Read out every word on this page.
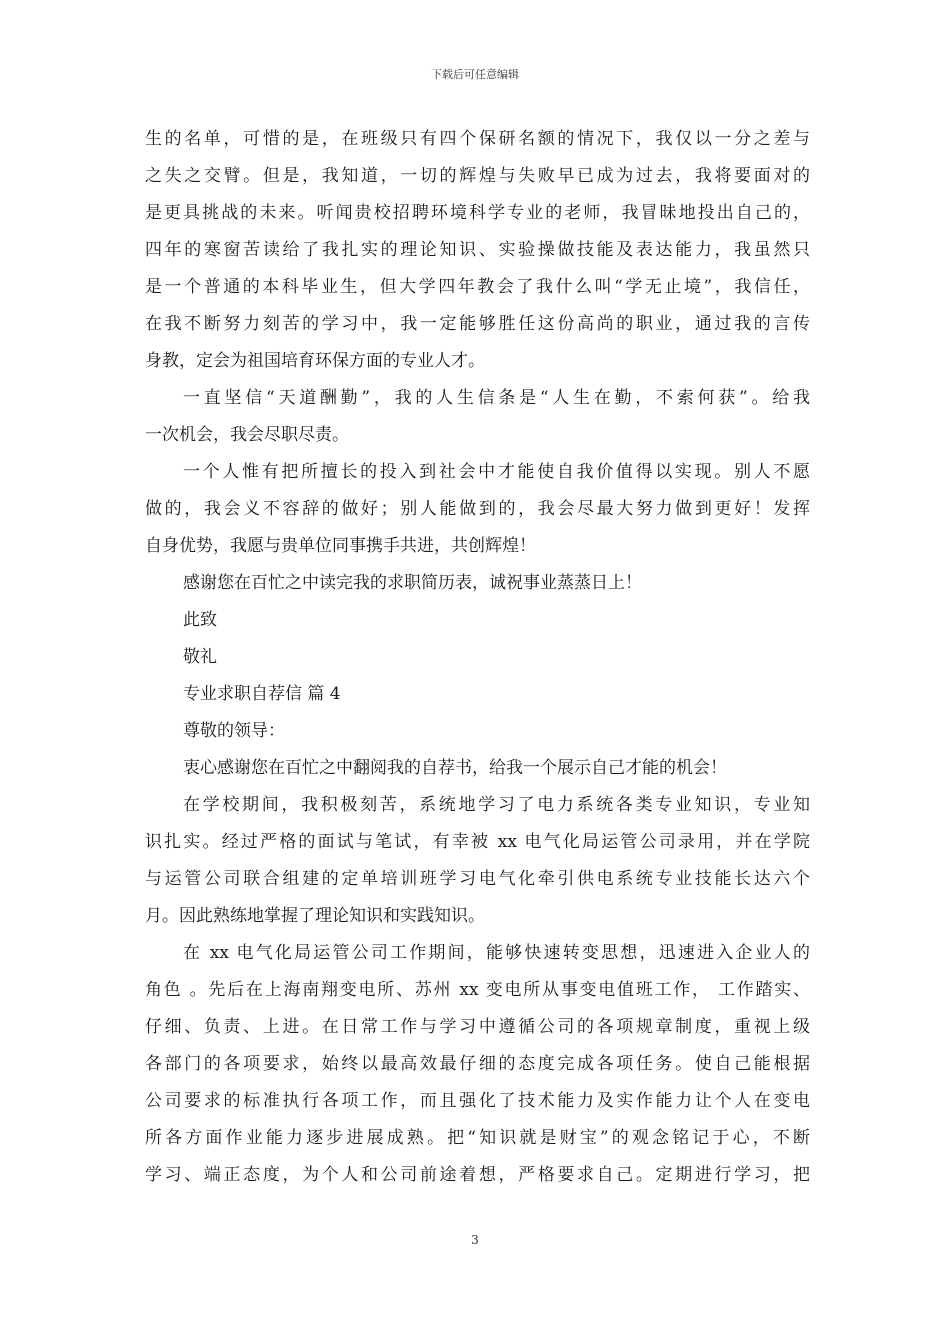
下载后可任意编辑
生的名单，可惜的是，在班级只有四个保研名额的情况下，我仅以一分之差与
之失之交臂。但是，我知道，一切的辉煌与失败早已成为过去，我将要面对的
是更具挑战的未来。听闻贵校招聘环境科学专业的老师，我冒昧地投出自己的，
四年的寒窗苦读给了我扎实的理论知识、实验操做技能及表达能力，我虽然只
是一个普通的本科毕业生，但大学四年教会了我什么叫“学无止境”，我信任，
在我不断努力刻苦的学习中，我一定能够胜任这份高尚的职业，通过我的言传
身教，定会为祖国培育环保方面的专业人才。
一直坚信“天道酬勤”，我的人生信条是“人生在勤，不索何获”。给我
一次机会，我会尽职尽责。
一个人惟有把所擅长的投入到社会中才能使自我价值得以实现。别人不愿
做的，我会义不容辞的做好；别人能做到的，我会尽最大努力做到更好！发挥
自身优势，我愿与贵单位同事携手共进，共创辉煌！
感谢您在百忙之中读完我的求职简历表，诚祝事业蒸蒸日上！
此致
敬礼
专业求职自荐信 篇 4
尊敬的领导：
衷心感谢您在百忙之中翻阅我的自荐书，给我一个展示自己才能的机会！
在学校期间，我积极刻苦，系统地学习了电力系统各类专业知识，专业知
识扎实。经过严格的面试与笔试，有幸被 xx 电气化局运管公司录用，并在学院
与运管公司联合组建的定单培训班学习电气化牵引供电系统专业技能长达六个
月。因此熟练地掌握了理论知识和实践知识。
在 xx 电气化局运管公司工作期间，能够快速转变思想，迅速进入企业人的
角色 。先后在上海南翔变电所、苏州 xx 变电所从事变电值班工作， 工作踏实、
仔细、负责、上进。在日常工作与学习中遵循公司的各项规章制度，重视上级
各部门的各项要求，始终以最高效最仔细的态度完成各项任务。使自己能根据
公司要求的标准执行各项工作，而且强化了技术能力及实作能力让个人在变电
所各方面作业能力逐步进展成熟。把“知识就是财宝”的观念铭记于心，不断
学习、端正态度，为个人和公司前途着想，严格要求自己。定期进行学习，把
3
